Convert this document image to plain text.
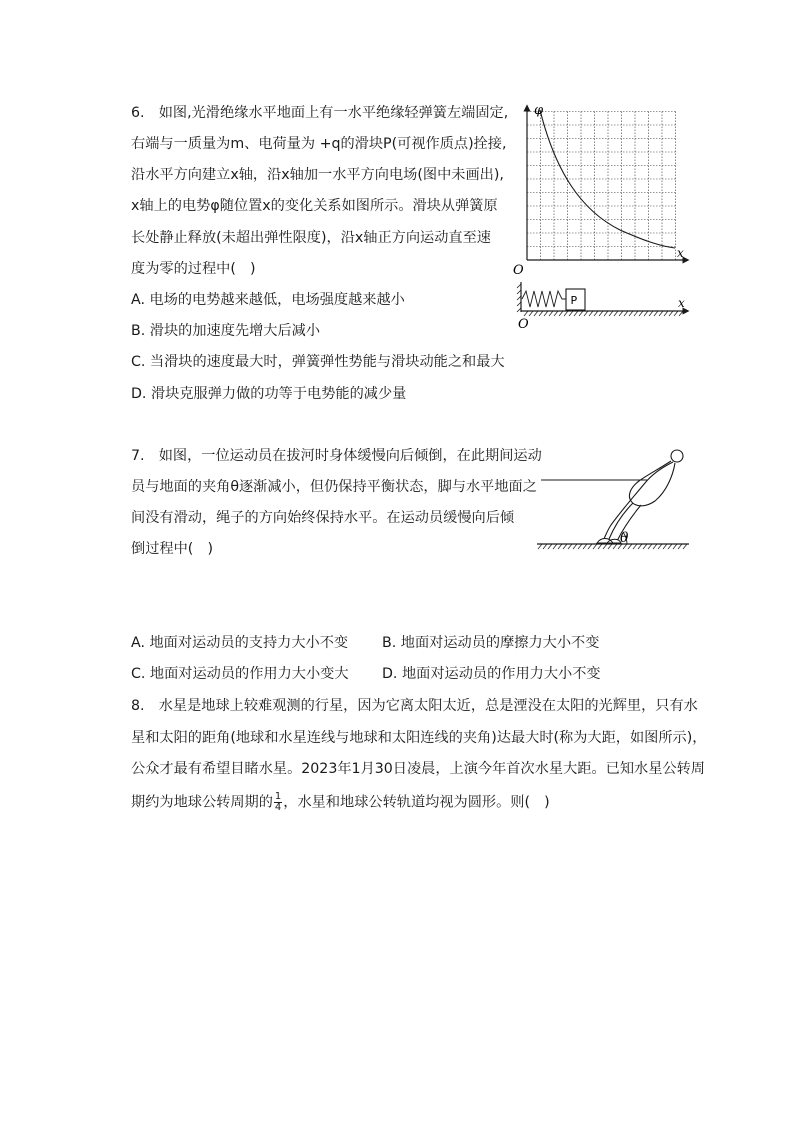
6.　如图,光滑绝缘水平地面上有一水平绝缘轻弹簧左端固定,
右端与一质量为m、电荷量为 +q的滑块P(可视作质点)拴接,
沿水平方向建立x轴，沿x轴加一水平方向电场(图中未画出),
x轴上的电势φ随位置x的变化关系如图所示。滑块从弹簧原
长处静止释放(未超出弹性限度)，沿x轴正方向运动直至速
度为零的过程中(　)
A. 电场的电势越来越低，电场强度越来越小
B. 滑块的加速度先增大后减小
C. 当滑块的速度最大时，弹簧弹性势能与滑块动能之和最大
D. 滑块克服弹力做的功等于电势能的减少量
φ
x
O
P	x
O
7.　如图，一位运动员在拔河时身体缓慢向后倾倒，在此期间运动
员与地面的夹角θ逐渐减小，但仍保持平衡状态，脚与水平地面之
间没有滑动，绳子的方向始终保持水平。在运动员缓慢向后倾
倒过程中(　)
θ
A. 地面对运动员的支持力大小不变 B. 地面对运动员的摩擦力大小不变
C. 地面对运动员的作用力大小变大 D. 地面对运动员的作用力大小不变
8.　水星是地球上较难观测的行星，因为它离太阳太近，总是湮没在太阳的光辉里，只有水
星和太阳的距角(地球和水星连线与地球和太阳连线的夹角)达最大时(称为大距，如图所示)，
公众才最有希望目睹水星。2023年1月30日凌晨，上演今年首次水星大距。已知水星公转周
期约为地球公转周期的 $\frac{1}{4}$ ，水星和地球公转轨道均视为圆形。则(　)
